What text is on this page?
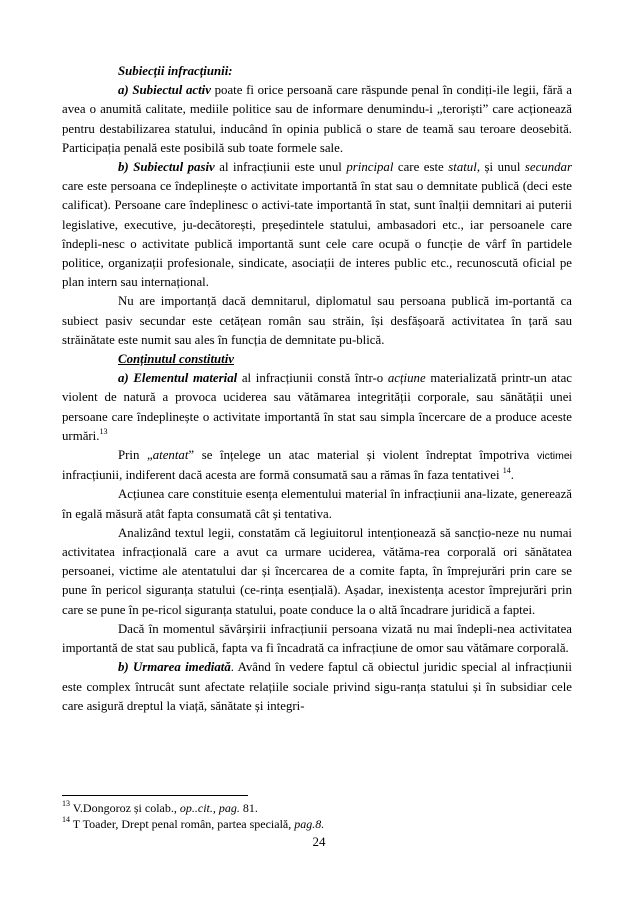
Subiecții infracțiunii:

a) Subiectul activ poate fi orice persoană care răspunde penal în condiți-ile legii, fără a avea o anumită calitate, mediile politice sau de informare denumindu-i „teroriști” care acționează pentru destabilizarea statului, inducând în opinia publică o stare de teamă sau teroare deosebită. Participația penală este posibilă sub toate formele sale.

b) Subiectul pasiv al infracțiunii este unul principal care este statul, și unul secundar care este persoana ce îndeplinește o activitate importantă în stat sau o demnitate publică (deci este calificat). Persoane care îndeplinesc o activi-tate importantă în stat, sunt înalții demnitari ai puterii legislative, executive, ju-decătorești, președintele statului, ambasadori etc., iar persoanele care îndepli-nesc o activitate publică importantă sunt cele care ocupă o funcție de vârf în partidele politice, organizații profesionale, sindicate, asociații de interes public etc., recunoscută oficial pe plan intern sau internațional.

Nu are importanță dacă demnitarul, diplomatul sau persoana publică im-portantă ca subiect pasiv secundar este cetățean român sau străin, își desfășoară activitatea în țară sau străinătate este numit sau ales în funcția de demnitate pu-blică.

Conținutul constitutiv

a) Elementul material al infracțiunii constă într-o acțiune materializată printr-un atac violent de natură a provoca uciderea sau vătămarea integrității corporale, sau sănătății unei persoane care îndeplinește o activitate importantă în stat sau simpla încercare de a produce aceste urmări.$^{13}$

Prin „atentat” se înțelege un atac material și violent îndreptat împotriva victimei infracțiunii, indiferent dacă acesta are formă consumată sau a rămas în faza tentativei $^{14}$.

Acțiunea care constituie esența elementului material în infracțiunii ana-lizate, generează în egală măsură atât fapta consumată cât și tentativa.

Analizând textul legii, constatăm că legiuitorul intenționează să sancțio-neze nu numai activitatea infracțională care a avut ca urmare uciderea, vătăma-rea corporală ori sănătatea persoanei, victime ale atentatului dar și încercarea de a comite fapta, în împrejurări prin care se pune în pericol siguranța statului (ce-rința esențială). Așadar, inexistența acestor împrejurări prin care se pune în pe-ricol siguranța statului, poate conduce la o altă încadrare juridică a faptei.

Dacă în momentul săvârșirii infracțiunii persoana vizată nu mai îndepli-nea activitatea importantă de stat sau publică, fapta va fi încadrată ca infracțiune de omor sau vătămare corporală.

b) Urmarea imediată. Având în vedere faptul că obiectul juridic special al infracțiunii este complex întrucât sunt afectate relațiile sociale privind sigu-ranța statului și în subsidiar cele care asigură dreptul la viață, sănătate și integri-

$^{13}$ V.Dongoroz și colab., op..cit., pag. 81.
$^{14}$ T Toader, Drept penal român, partea specială, pag.8.
24
